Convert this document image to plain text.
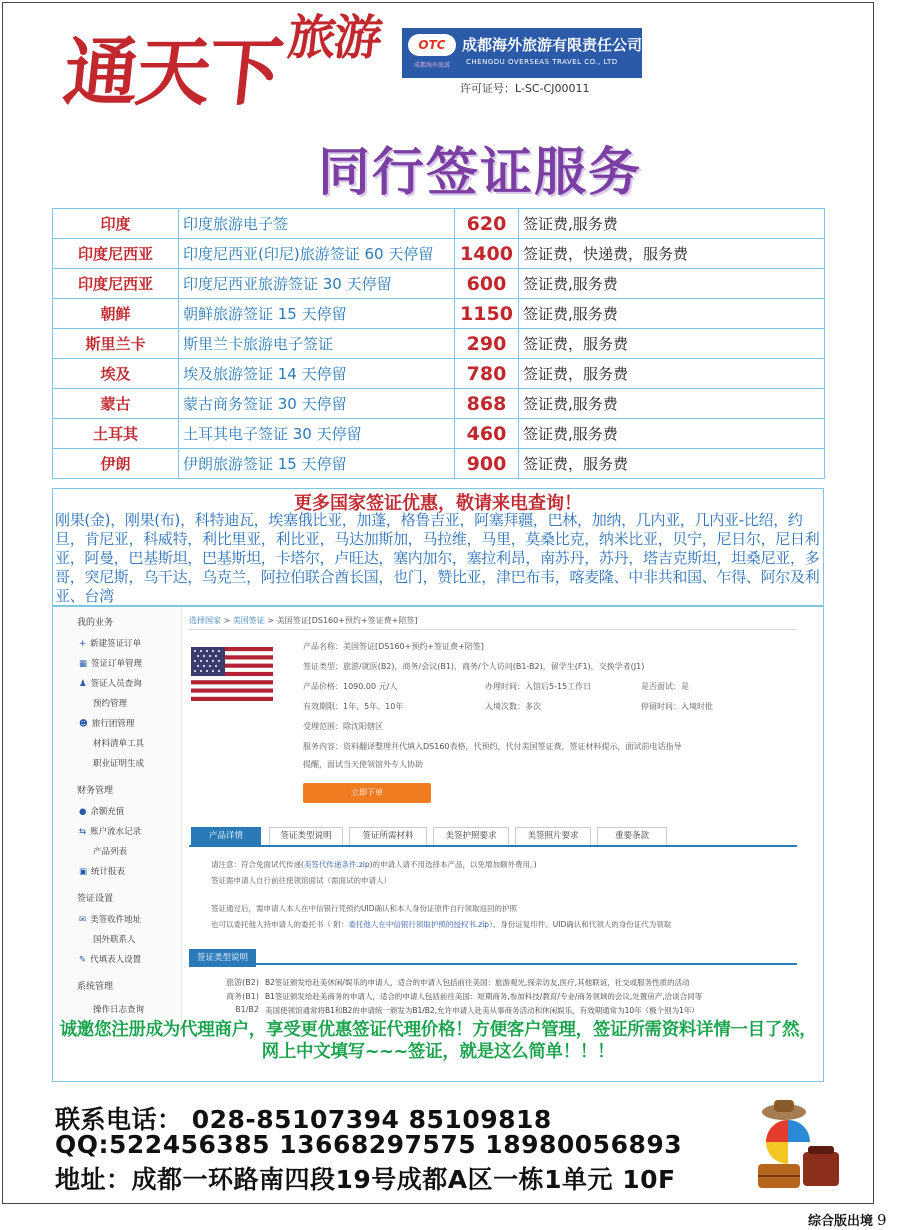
通天下旅游	OTC
成都海外旅游
成都海外旅游有限责任公司
CHENGDU OVERSEAS TRAVEL CO., LTD
许可证号：L-SC-CJ00011
同行签证服务
印度	印度旅游电子签	620	签证费,服务费
印度尼西亚	印度尼西亚(印尼)旅游签证 60 天停留	1400	签证费，快递费，服务费
印度尼西亚	印度尼西亚旅游签证 30 天停留	600	签证费,服务费
朝鲜	朝鲜旅游签证 15 天停留	1150	签证费,服务费
斯里兰卡	斯里兰卡旅游电子签证	290	签证费，服务费
埃及	埃及旅游签证 14 天停留	780	签证费，服务费
蒙古	蒙古商务签证 30 天停留	868	签证费,服务费
土耳其	土耳其电子签证 30 天停留	460	签证费,服务费
伊朗	伊朗旅游签证 15 天停留	900	签证费，服务费
更多国家签证优惠，敬请来电查询！
刚果(金)，刚果(布)，科特迪瓦，埃塞俄比亚，加蓬，格鲁吉亚，阿塞拜疆，巴林，加纳，几内亚，几内亚-比绍，约旦，肯尼亚，科威特，利比里亚，利比亚，马达加斯加，马拉维，马里，莫桑比克，纳米比亚，贝宁，尼日尔，尼日利亚，阿曼，巴基斯坦，巴基斯坦，卡塔尔，卢旺达，塞内加尔，塞拉利昂，南苏丹，苏丹，塔吉克斯坦，坦桑尼亚，多哥，突尼斯，乌干达，乌克兰，阿拉伯联合酋长国，也门，赞比亚，津巴布韦，喀麦隆、中非共和国、乍得、阿尔及利亚、台湾
我的业务
+ 新建签证订单
▦ 签证订单管理
♟ 签证人员查询
预约管理
☻ 旅行团管理
材料清单工具
职业证明生成
财务管理
● 余额充值
⇆ 账户流水记录
产品列表
▣ 统计报表
签证设置
✉ 美签收件地址
国外联系人
✎ 代填表人设置
系统管理
操作日志查询
选择国家 > 美国签证 > 美国签证[DS160+预约+签证费+陪签]
产品名称：美国签证[DS160+预约+签证费+陪签]
签证类型：旅游/就医(B2)，商务/会议(B1)，商务/个人访问(B1-B2)，留学生(F1)，交换学者(J1)
产品价格：1090.00 元/人	办理时间：入馆后5-15工作日	是否面试：是
有效期限：1年、5年、10年	入境次数：多次	停留时间：入境时批
受理范围：除沈阳辖区
服务内容：资料翻译整理并代填入DS160表格，代预约，代付美国签证费，签证材料提示，面试前电话指导
提醒，面试当天使领馆外专人协助
立即下单
产品详情	签证类型说明	签证所需材料	美签护照要求	美签照片要求	重要条款
请注意：符合免面试代传递(美签代传递条件.zip)的申请人请不用选择本产品，以免增加额外费用。)
签证需申请人自行前往使领馆面试（需面试的申请人）
签证通过后，需申请人本人在中信银行凭预约UID确认和本人身份证原件自行领取返回的护照
也可以委托他人持申请人的委托书（ 附：委托他人在中信银行领取护照的授权书.zip）、身份证复印件、UID确认和代领人的身份证代为领取
签证类型说明
旅游(B2) B2签证颁发给赴美休闲/娱乐的申请人，适合的申请人包括前往美国：旅游观光,探亲访友,医疗,其他联谊，社交或服务性质的活动
商务(B1) B1签证颁发给赴美商务的申请人，适合的申请人包括前往美国：短期商务,参加科技/教育/专业/商务领域的会议,处置房产,洽谈合同等
B1/B2 美国使领馆通常将B1和B2的申请统一颁发为B1/B2,允许申请人赴美从事商务活动和休闲娱乐，有效期通常为10年（极个别为1年）
诚邀您注册成为代理商户，享受更优惠签证代理价格！方便客户管理，签证所需资料详情一目了然，网上中文填写~~~签证，就是这么简单！！！
联系电话： 028-85107394 85109818
QQ:522456385 13668297575 18980056893
地址：成都一环路南四段19号成都A区一栋1单元 10F
综合版出境 9
